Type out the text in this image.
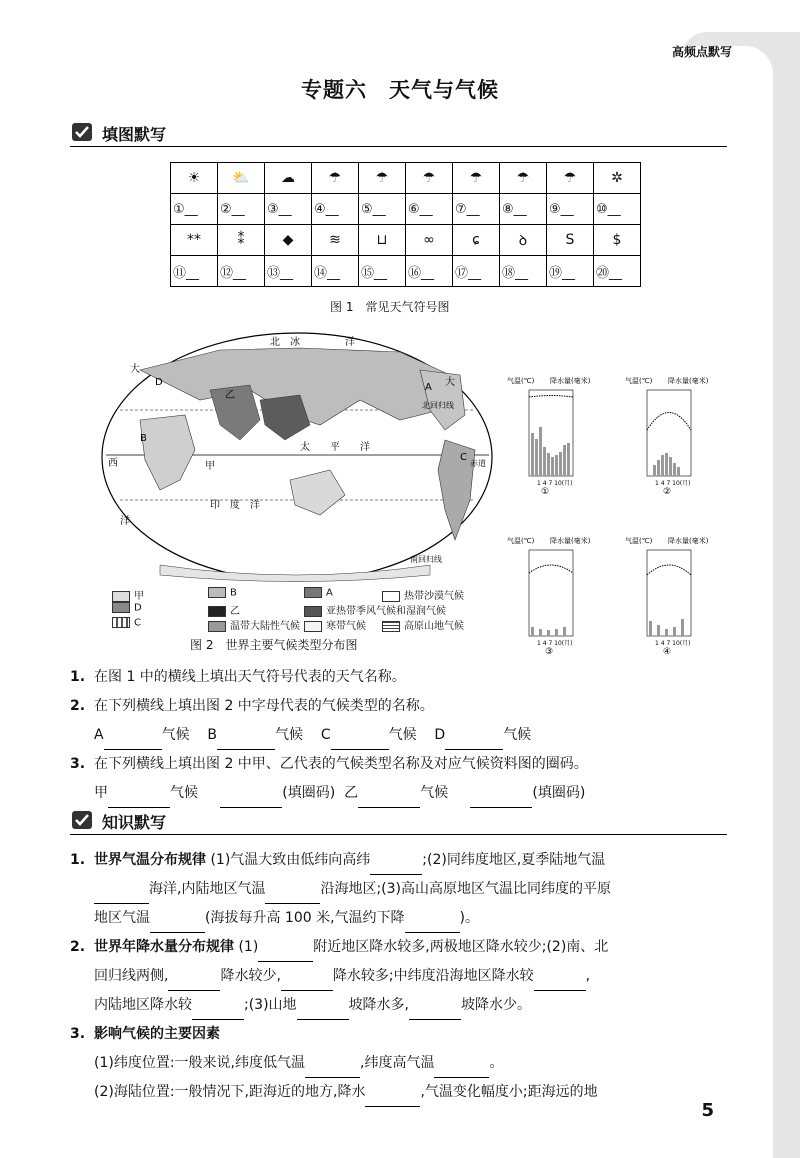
高频点默写
专题六　天气与气候
填图默写
☀	⛅	☁	☂	☂	☂	☂	☂	☂	✲
①__	②__	③__	④__	⑤__	⑥__	⑦__	⑧__	⑨__	⑩__
**	⁑	◆	≋	⊔	∞	ɕ	ꝺ	S	$
⑪__	⑫__	⑬__	⑭__	⑮__	⑯__	⑰__	⑱__	⑲__	⑳__
图 1　常见天气符号图
北　冰	洋
大
大
西
太　　平　　洋
甲
乙
B
A
C
D
北回归线
印　度　洋
洋
赤道
南回归线
甲	B	A	热带沙漠气候
D	乙	亚热带季风气候和湿润气候
C	温带大陆性气候	寒带气候	高原山地气候
图 2　世界主要气候类型分布图
气温(℃) 降水量(毫米)
1 4 7 10(月)
①
气温(℃) 降水量(毫米)
1 4 7 10(月)
②
气温(℃) 降水量(毫米)
1 4 7 10(月)
③
气温(℃) 降水量(毫米)
1 4 7 10(月)
④
1. 在图 1 中的横线上填出天气符号代表的天气名称。
2. 在下列横线上填出图 2 中字母代表的气候类型的名称。
A	气候 B	气候 C	气候 D	气候
3. 在下列横线上填出图 2 中甲、乙代表的气候类型名称及对应气候资料图的圈码。
甲	气候	(填圈码) 乙	气候	(填圈码)
知识默写
1. 世界气温分布规律 (1)气温大致由低纬向高纬	;(2)同纬度地区,夏季陆地气温
海洋,内陆地区气温	沿海地区;(3)高山高原地区气温比同纬度的平原
地区气温	(海拔每升高 100 米,气温约下降	)。
2. 世界年降水量分布规律 (1)	附近地区降水较多,两极地区降水较少;(2)南、北
回归线两侧,	降水较少,	降水较多;中纬度沿海地区降水较	,
内陆地区降水较	;(3)山地	坡降水多,	坡降水少。
3. 影响气候的主要因素
(1)纬度位置:一般来说,纬度低气温	,纬度高气温	。
(2)海陆位置:一般情况下,距海近的地方,降水	,气温变化幅度小;距海远的地
5
